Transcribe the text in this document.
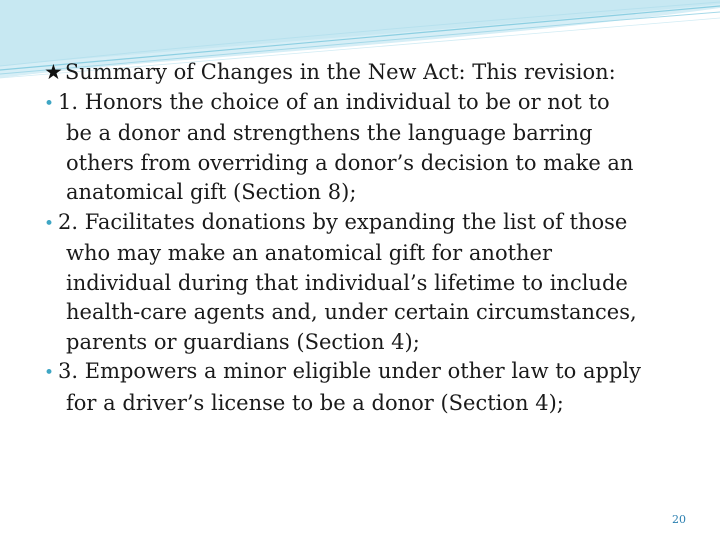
★Summary of Changes in the New Act: This revision:
• 1. Honors the choice of an individual to be or not to
be a donor and strengthens the language barring
others from overriding a donor’s decision to make an
anatomical gift (Section 8);
• 2. Facilitates donations by expanding the list of those
who may make an anatomical gift for another
individual during that individual’s lifetime to include
health-care agents and, under certain circumstances,
parents or guardians (Section 4);
• 3. Empowers a minor eligible under other law to apply
for a driver’s license to be a donor (Section 4);
20
